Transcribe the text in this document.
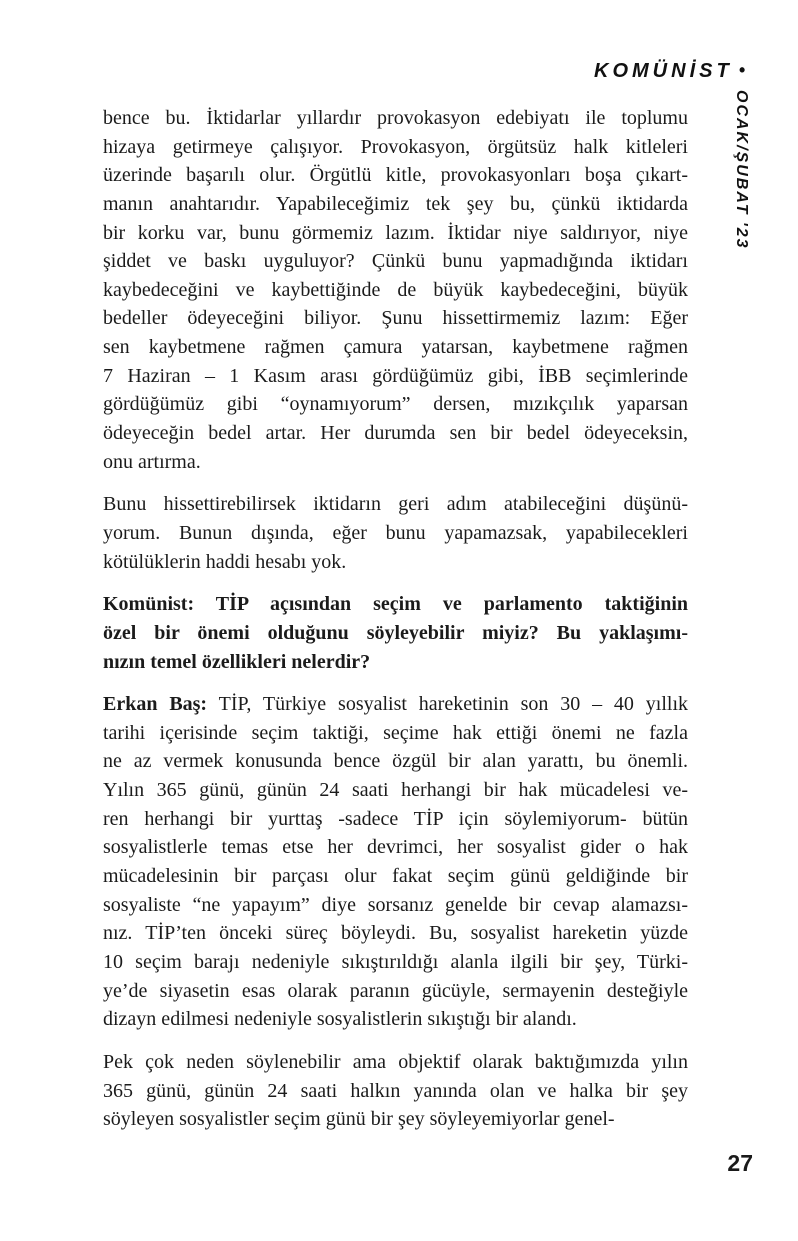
KOMÜNİST •
OCAK/ŞUBAT '23
bence bu. İktidarlar yıllardır provokasyon edebiyatı ile toplumu
hizaya getirmeye çalışıyor. Provokasyon, örgütsüz halk kitleleri
üzerinde başarılı olur. Örgütlü kitle, provokasyonları boşa çıkart-
manın anahtarıdır. Yapabileceğimiz tek şey bu, çünkü iktidarda
bir korku var, bunu görmemiz lazım. İktidar niye saldırıyor, niye
şiddet ve baskı uyguluyor? Çünkü bunu yapmadığında iktidarı
kaybedeceğini ve kaybettiğinde de büyük kaybedeceğini, büyük
bedeller ödeyeceğini biliyor. Şunu hissettirmemiz lazım: Eğer
sen kaybetmene rağmen çamura yatarsan, kaybetmene rağmen
7 Haziran – 1 Kasım arası gördüğümüz gibi, İBB seçimlerinde
gördüğümüz gibi “oynamıyorum” dersen, mızıkçılık yaparsan
ödeyeceğin bedel artar. Her durumda sen bir bedel ödeyeceksin,
onu artırma.
Bunu hissettirebilirsek iktidarın geri adım atabileceğini düşünü-
yorum. Bunun dışında, eğer bunu yapamazsak, yapabilecekleri
kötülüklerin haddi hesabı yok.
Komünist: TİP açısından seçim ve parlamento taktiğinin
özel bir önemi olduğunu söyleyebilir miyiz? Bu yaklaşımı-
nızın temel özellikleri nelerdir?
Erkan Baş: TİP, Türkiye sosyalist hareketinin son 30 – 40 yıllık
tarihi içerisinde seçim taktiği, seçime hak ettiği önemi ne fazla
ne az vermek konusunda bence özgül bir alan yarattı, bu önemli.
Yılın 365 günü, günün 24 saati herhangi bir hak mücadelesi ve-
ren herhangi bir yurttaş -sadece TİP için söylemiyorum- bütün
sosyalistlerle temas etse her devrimci, her sosyalist gider o hak
mücadelesinin bir parçası olur fakat seçim günü geldiğinde bir
sosyaliste “ne yapayım” diye sorsanız genelde bir cevap alamazsı-
nız. TİP’ten önceki süreç böyleydi. Bu, sosyalist hareketin yüzde
10 seçim barajı nedeniyle sıkıştırıldığı alanla ilgili bir şey, Türki-
ye’de siyasetin esas olarak paranın gücüyle, sermayenin desteğiyle
dizayn edilmesi nedeniyle sosyalistlerin sıkıştığı bir alandı.
Pek çok neden söylenebilir ama objektif olarak baktığımızda yılın
365 günü, günün 24 saati halkın yanında olan ve halka bir şey
söyleyen sosyalistler seçim günü bir şey söyleyemiyorlar genel-
27
